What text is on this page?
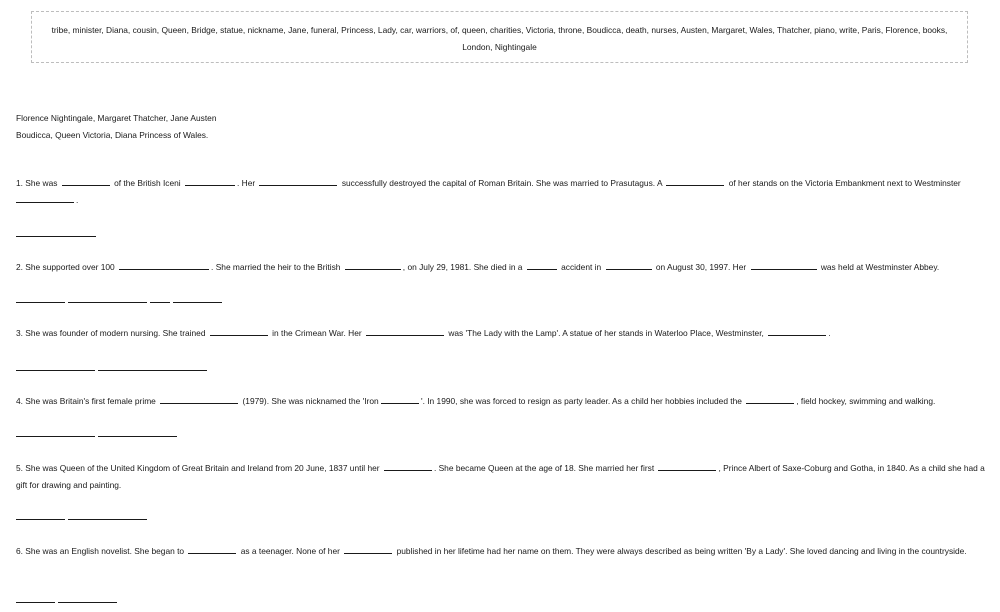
tribe, minister, Diana, cousin, Queen, Bridge, statue, nickname, Jane, funeral, Princess, Lady, car, warriors, of, queen, charities, Victoria, throne, Boudicca, death, nurses, Austen, Margaret, Wales, Thatcher, piano, write, Paris, Florence, books, London, Nightingale
Florence Nightingale, Margaret Thatcher, Jane Austen
Boudicca, Queen Victoria, Diana Princess of Wales.
1. She was	of the British Iceni	. Her	successfully destroyed the capital of Roman Britain. She was married to Prasutagus. A	of her stands on the Victoria Embankment next to Westminster .
2. She supported over 100	. She married the heir to the British	, on July 29, 1981. She died in a	accident in	on August 30, 1997. Her	was held at Westminster Abbey.
3. She was founder of modern nursing. She trained	in the Crimean War. Her	was 'The Lady with the Lamp'. A statue of her stands in Waterloo Place, Westminster,	.
4. She was Britain's first female prime	(1979). She was nicknamed the 'Iron	'. In 1990, she was forced to resign as party leader. As a child her hobbies included the	, field hockey, swimming and walking.
5. She was Queen of the United Kingdom of Great Britain and Ireland from 20 June, 1837 until her	. She became Queen at the age of 18. She married her first	, Prince Albert of Saxe-Coburg and Gotha, in 1840. As a child she had a gift for drawing and painting.
6. She was an English novelist. She began to	as a teenager. None of her	published in her lifetime had her name on them. They were always described as being written 'By a Lady'. She loved dancing and living in the countryside.
